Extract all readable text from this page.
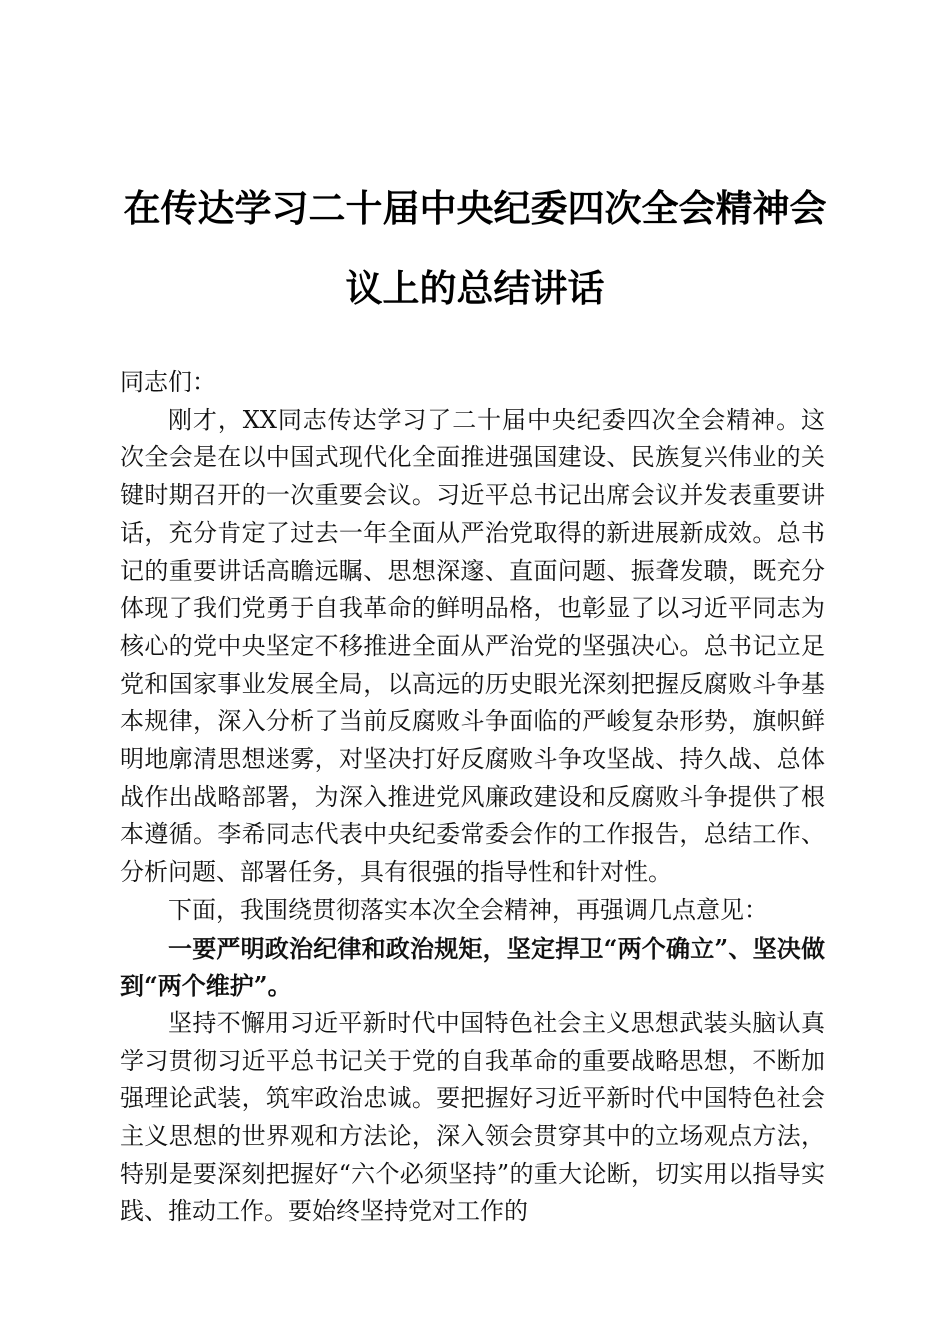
在传达学习二十届中央纪委四次全会精神会议上的总结讲话

同志们：

刚才，XX同志传达学习了二十届中央纪委四次全会精神。这次全会是在以中国式现代化全面推进强国建设、民族复兴伟业的关键时期召开的一次重要会议。习近平总书记出席会议并发表重要讲话，充分肯定了过去一年全面从严治党取得的新进展新成效。总书记的重要讲话高瞻远瞩、思想深邃、直面问题、振聋发聩，既充分体现了我们党勇于自我革命的鲜明品格，也彰显了以习近平同志为核心的党中央坚定不移推进全面从严治党的坚强决心。总书记立足党和国家事业发展全局，以高远的历史眼光深刻把握反腐败斗争基本规律，深入分析了当前反腐败斗争面临的严峻复杂形势，旗帜鲜明地廓清思想迷雾，对坚决打好反腐败斗争攻坚战、持久战、总体战作出战略部署，为深入推进党风廉政建设和反腐败斗争提供了根本遵循。李希同志代表中央纪委常委会作的工作报告，总结工作、分析问题、部署任务，具有很强的指导性和针对性。

下面，我围绕贯彻落实本次全会精神，再强调几点意见：

一要严明政治纪律和政治规矩，坚定捍卫“两个确立”、坚决做到“两个维护”。

坚持不懈用习近平新时代中国特色社会主义思想武装头脑认真学习贯彻习近平总书记关于党的自我革命的重要战略思想，不断加强理论武装，筑牢政治忠诚。要把握好习近平新时代中国特色社会主义思想的世界观和方法论，深入领会贯穿其中的立场观点方法，特别是要深刻把握好“六个必须坚持”的重大论断，切实用以指导实践、推动工作。要始终坚持党对工作的
